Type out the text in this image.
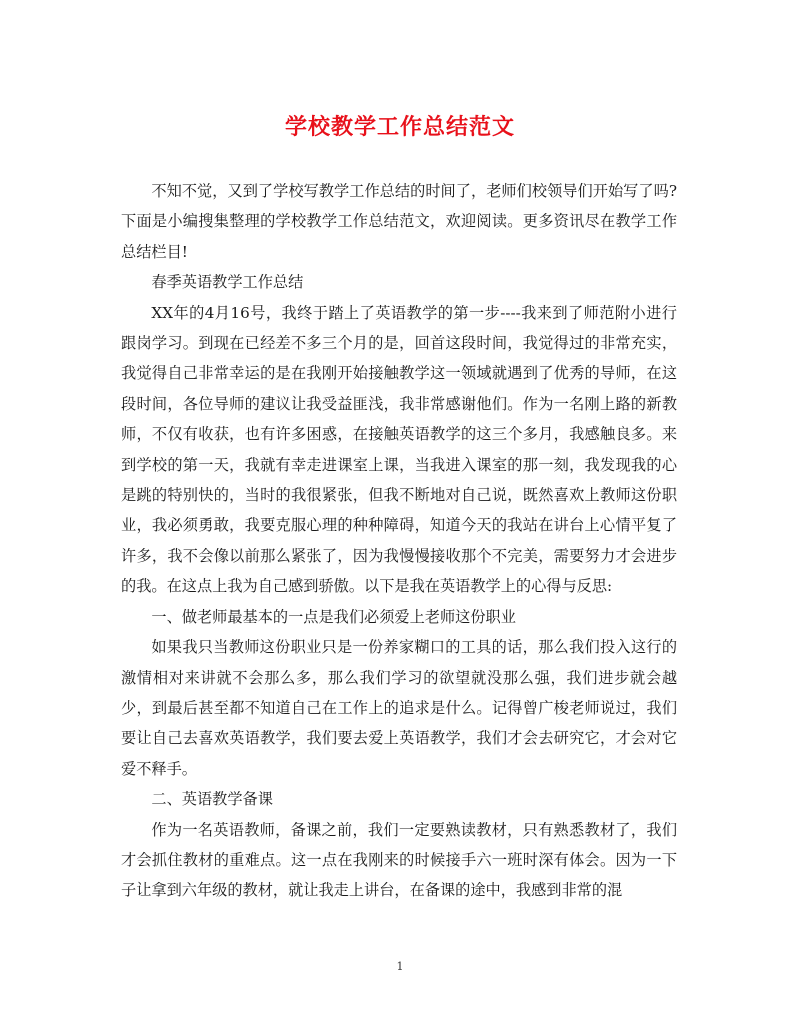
学校教学工作总结范文

不知不觉，又到了学校写教学工作总结的时间了，老师们校领导们开始写了吗?下面是小编搜集整理的学校教学工作总结范文，欢迎阅读。更多资讯尽在教学工作总结栏目!

春季英语教学工作总结

XX年的4月16号，我终于踏上了英语教学的第一步----我来到了师范附小进行跟岗学习。到现在已经差不多三个月的是，回首这段时间，我觉得过的非常充实，我觉得自己非常幸运的是在我刚开始接触教学这一领域就遇到了优秀的导师，在这段时间，各位导师的建议让我受益匪浅，我非常感谢他们。作为一名刚上路的新教师，不仅有收获，也有许多困惑，在接触英语教学的这三个多月，我感触良多。来到学校的第一天，我就有幸走进课室上课，当我进入课室的那一刻，我发现我的心是跳的特别快的，当时的我很紧张，但我不断地对自己说，既然喜欢上教师这份职业，我必须勇敢，我要克服心理的种种障碍，知道今天的我站在讲台上心情平复了许多，我不会像以前那么紧张了，因为我慢慢接收那个不完美，需要努力才会进步的我。在这点上我为自己感到骄傲。以下是我在英语教学上的心得与反思:

一、做老师最基本的一点是我们必须爱上老师这份职业

如果我只当教师这份职业只是一份养家糊口的工具的话，那么我们投入这行的激情相对来讲就不会那么多，那么我们学习的欲望就没那么强，我们进步就会越少，到最后甚至都不知道自己在工作上的追求是什么。记得曾广梭老师说过，我们要让自己去喜欢英语教学，我们要去爱上英语教学，我们才会去研究它，才会对它爱不释手。

二、英语教学备课

作为一名英语教师，备课之前，我们一定要熟读教材，只有熟悉教材了，我们才会抓住教材的重难点。这一点在我刚来的时候接手六一班时深有体会。因为一下子让拿到六年级的教材，就让我走上讲台，在备课的途中，我感到非常的混

1
